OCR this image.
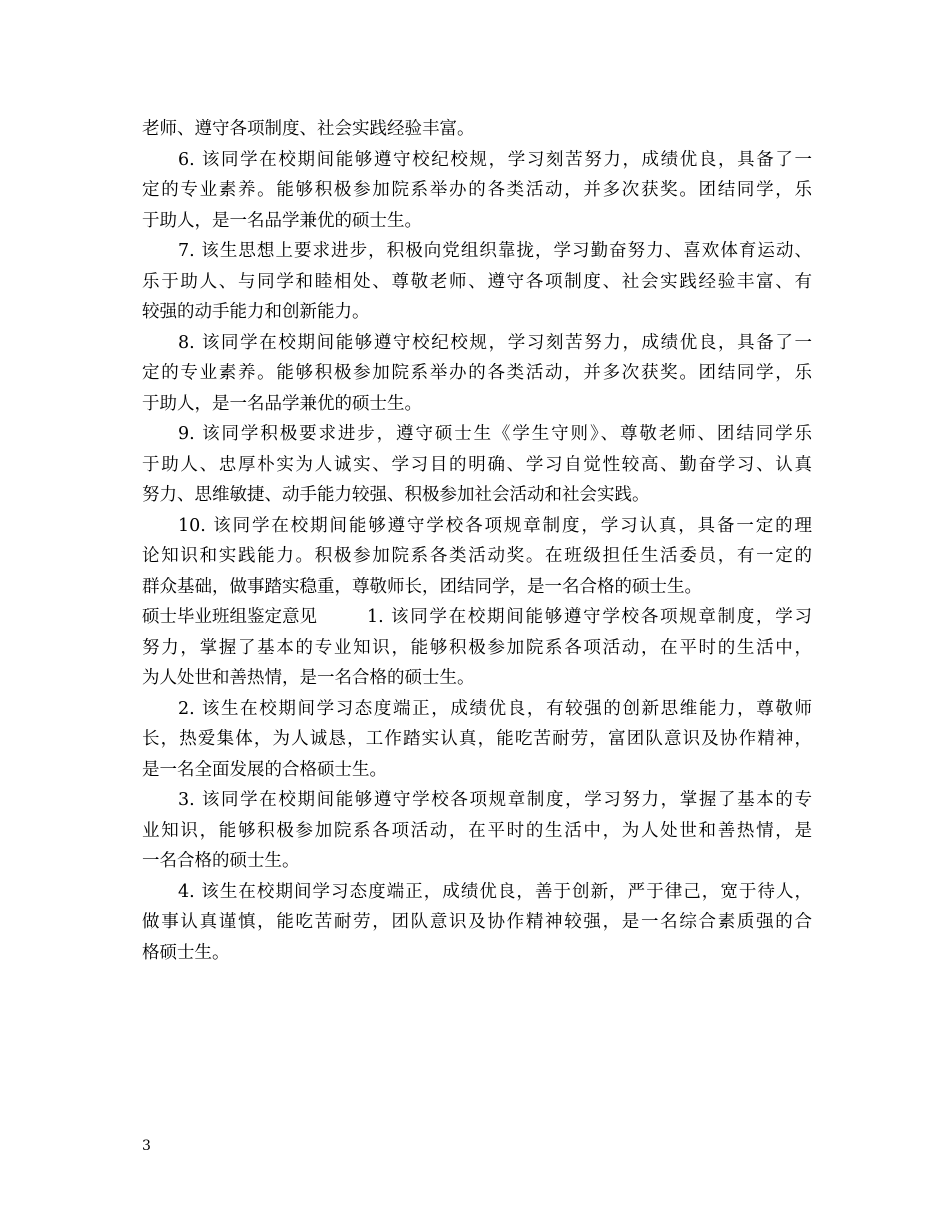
老师、遵守各项制度、社会实践经验丰富。
6. 该同学在校期间能够遵守校纪校规，学习刻苦努力，成绩优良，具备了一
定的专业素养。能够积极参加院系举办的各类活动，并多次获奖。团结同学，乐
于助人，是一名品学兼优的硕士生。
7. 该生思想上要求进步，积极向党组织靠拢，学习勤奋努力、喜欢体育运动、
乐于助人、与同学和睦相处、尊敬老师、遵守各项制度、社会实践经验丰富、有
较强的动手能力和创新能力。
8. 该同学在校期间能够遵守校纪校规，学习刻苦努力，成绩优良，具备了一
定的专业素养。能够积极参加院系举办的各类活动，并多次获奖。团结同学，乐
于助人，是一名品学兼优的硕士生。
9. 该同学积极要求进步，遵守硕士生《学生守则》、尊敬老师、团结同学乐
于助人、忠厚朴实为人诚实、学习目的明确、学习自觉性较高、勤奋学习、认真
努力、思维敏捷、动手能力较强、积极参加社会活动和社会实践。
10. 该同学在校期间能够遵守学校各项规章制度，学习认真，具备一定的理
论知识和实践能力。积极参加院系各类活动奖。在班级担任生活委员，有一定的
群众基础，做事踏实稳重，尊敬师长，团结同学，是一名合格的硕士生。
硕士毕业班组鉴定意见	1. 该同学在校期间能够遵守学校各项规章制度，学习
努力，掌握了基本的专业知识，能够积极参加院系各项活动，在平时的生活中，
为人处世和善热情，是一名合格的硕士生。
2. 该生在校期间学习态度端正，成绩优良，有较强的创新思维能力，尊敬师
长，热爱集体，为人诚恳，工作踏实认真，能吃苦耐劳，富团队意识及协作精神，
是一名全面发展的合格硕士生。
3. 该同学在校期间能够遵守学校各项规章制度，学习努力，掌握了基本的专
业知识，能够积极参加院系各项活动，在平时的生活中，为人处世和善热情，是
一名合格的硕士生。
4. 该生在校期间学习态度端正，成绩优良，善于创新，严于律己，宽于待人，
做事认真谨慎，能吃苦耐劳，团队意识及协作精神较强，是一名综合素质强的合
格硕士生。
3
